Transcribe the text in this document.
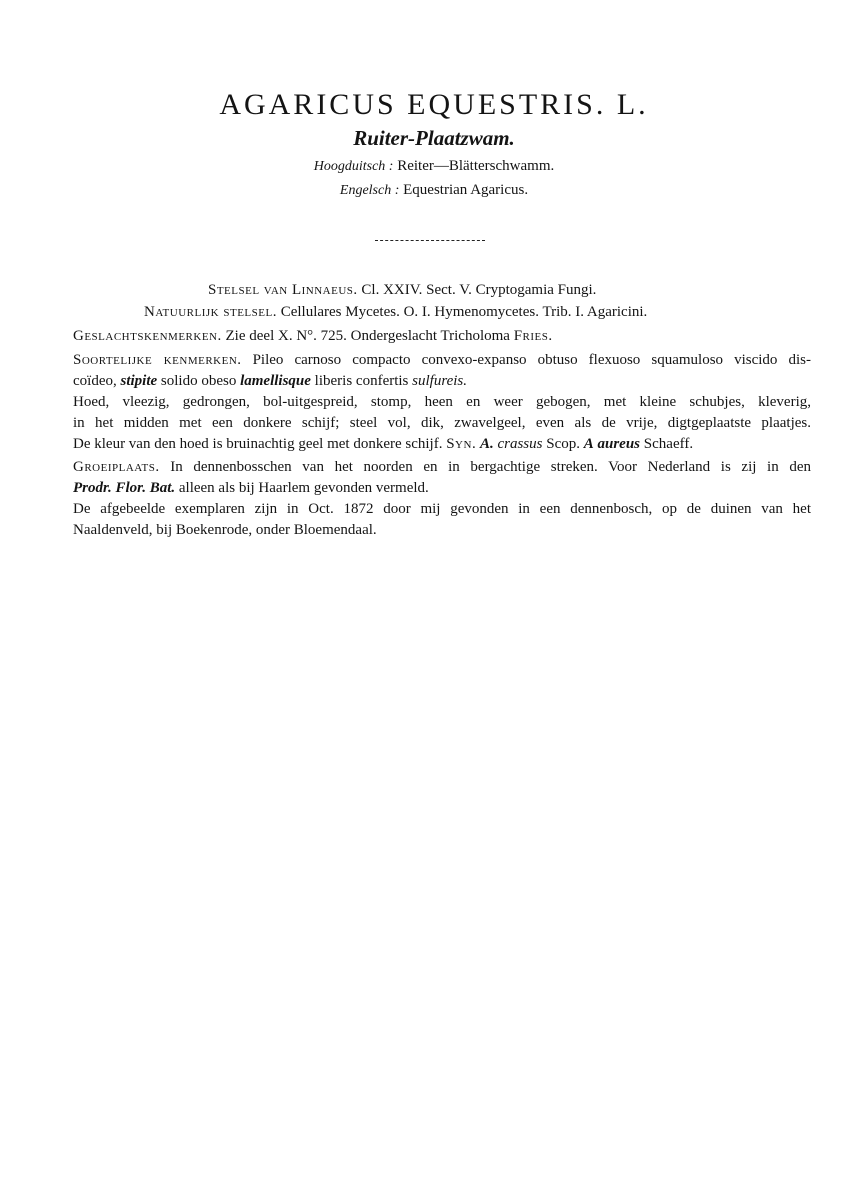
AGARICUS EQUESTRIS. L.
Ruiter-Plaatzwam.
Hoogduitsch : Reiter—Blätterschwamm.
Engelsch : Equestrian Agaricus.
Stelsel van Linnaeus. Cl. XXIV. Sect. V. Cryptogamia Fungi.
Natuurlijk stelsel. Cellulares Mycetes. O. I. Hymenomycetes. Trib. I. Agaricini.
Geslachtskenmerken. Zie deel X. N°. 725. Ondergeslacht Tricholoma Fries.
Soortelijke kenmerken. Pileo carnoso compacto convexo-expanso obtuso flexuoso squamuloso viscido dis-
coïdeo, stipite solido obeso lamellisque liberis confertis sulfureis.
Hoed, vleezig, gedrongen, bol-uitgespreid, stomp, heen en weer gebogen, met kleine schubjes, kleverig,
in het midden met een donkere schijf; steel vol, dik, zwavelgeel, even als de vrije, digtgeplaatste plaatjes.
De kleur van den hoed is bruinachtig geel met donkere schijf. Syn. A. crassus Scop. A aureus Schaeff.
Groeiplaats. In dennenbosschen van het noorden en in bergachtige streken. Voor Nederland is zij in den
Prodr. Flor. Bat. alleen als bij Haarlem gevonden vermeld.
De afgebeelde exemplaren zijn in Oct. 1872 door mij gevonden in een dennenbosch, op de duinen van het
Naaldenveld, bij Boekenrode, onder Bloemendaal.
